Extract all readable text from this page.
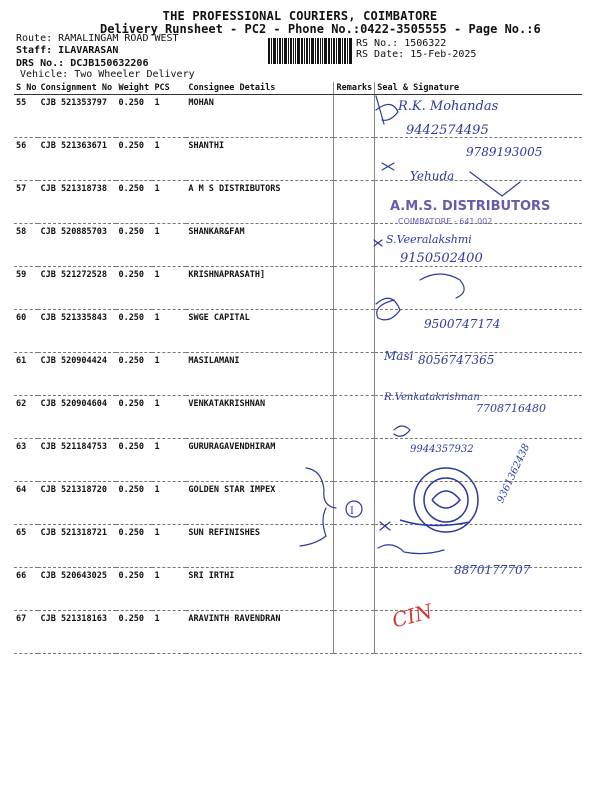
THE PROFESSIONAL COURIERS, COIMBATORE
Delivery Runsheet - PC2 - Phone No.:0422-3505555 - Page No.:6
Route: RAMALINGAM ROAD WEST
Staff: ILAVARASAN
DRS No.: DCJB150632206
Vehicle: Two Wheeler Delivery
RS No.: 1506322
RS Date: 15-Feb-2025
S No	Consignment No	Weight	PCS	Consignee Details	Remarks	Seal & Signature
55	CJB 521353797	0.250	1	MOHAN		
56	CJB 521363671	0.250	1	SHANTHI		
57	CJB 521318738	0.250	1	A M S DISTRIBUTORS		
58	CJB 520885703	0.250	1	SHANKAR&FAM		
59	CJB 521272528	0.250	1	KRISHNAPRASATH]		
60	CJB 521335843	0.250	1	SWGE CAPITAL		
61	CJB 520904424	0.250	1	MASILAMANI		
62	CJB 520904604	0.250	1	VENKATAKRISHNAN		
63	CJB 521184753	0.250	1	GURURAGAVENDHIRAM		
64	CJB 521318720	0.250	1	GOLDEN STAR IMPEX		
65	CJB 521318721	0.250	1	SUN REFINISHES		
66	CJB 520643025	0.250	1	SRI IRTHI		
67	CJB 521318163	0.250	1	ARAVINTH RAVENDRAN		
A.M.S. DISTRIBUTORS
COIMBATORE - 641 002
R.K. Mohandas
9442574495
9789193005
Yehuda
S.Veeralakshmi
9150502400
9500747174
Masi 8056747365
R.Venkatakrishnan
7708716480
9944357932 9361362438
8870177707
I
CIN
